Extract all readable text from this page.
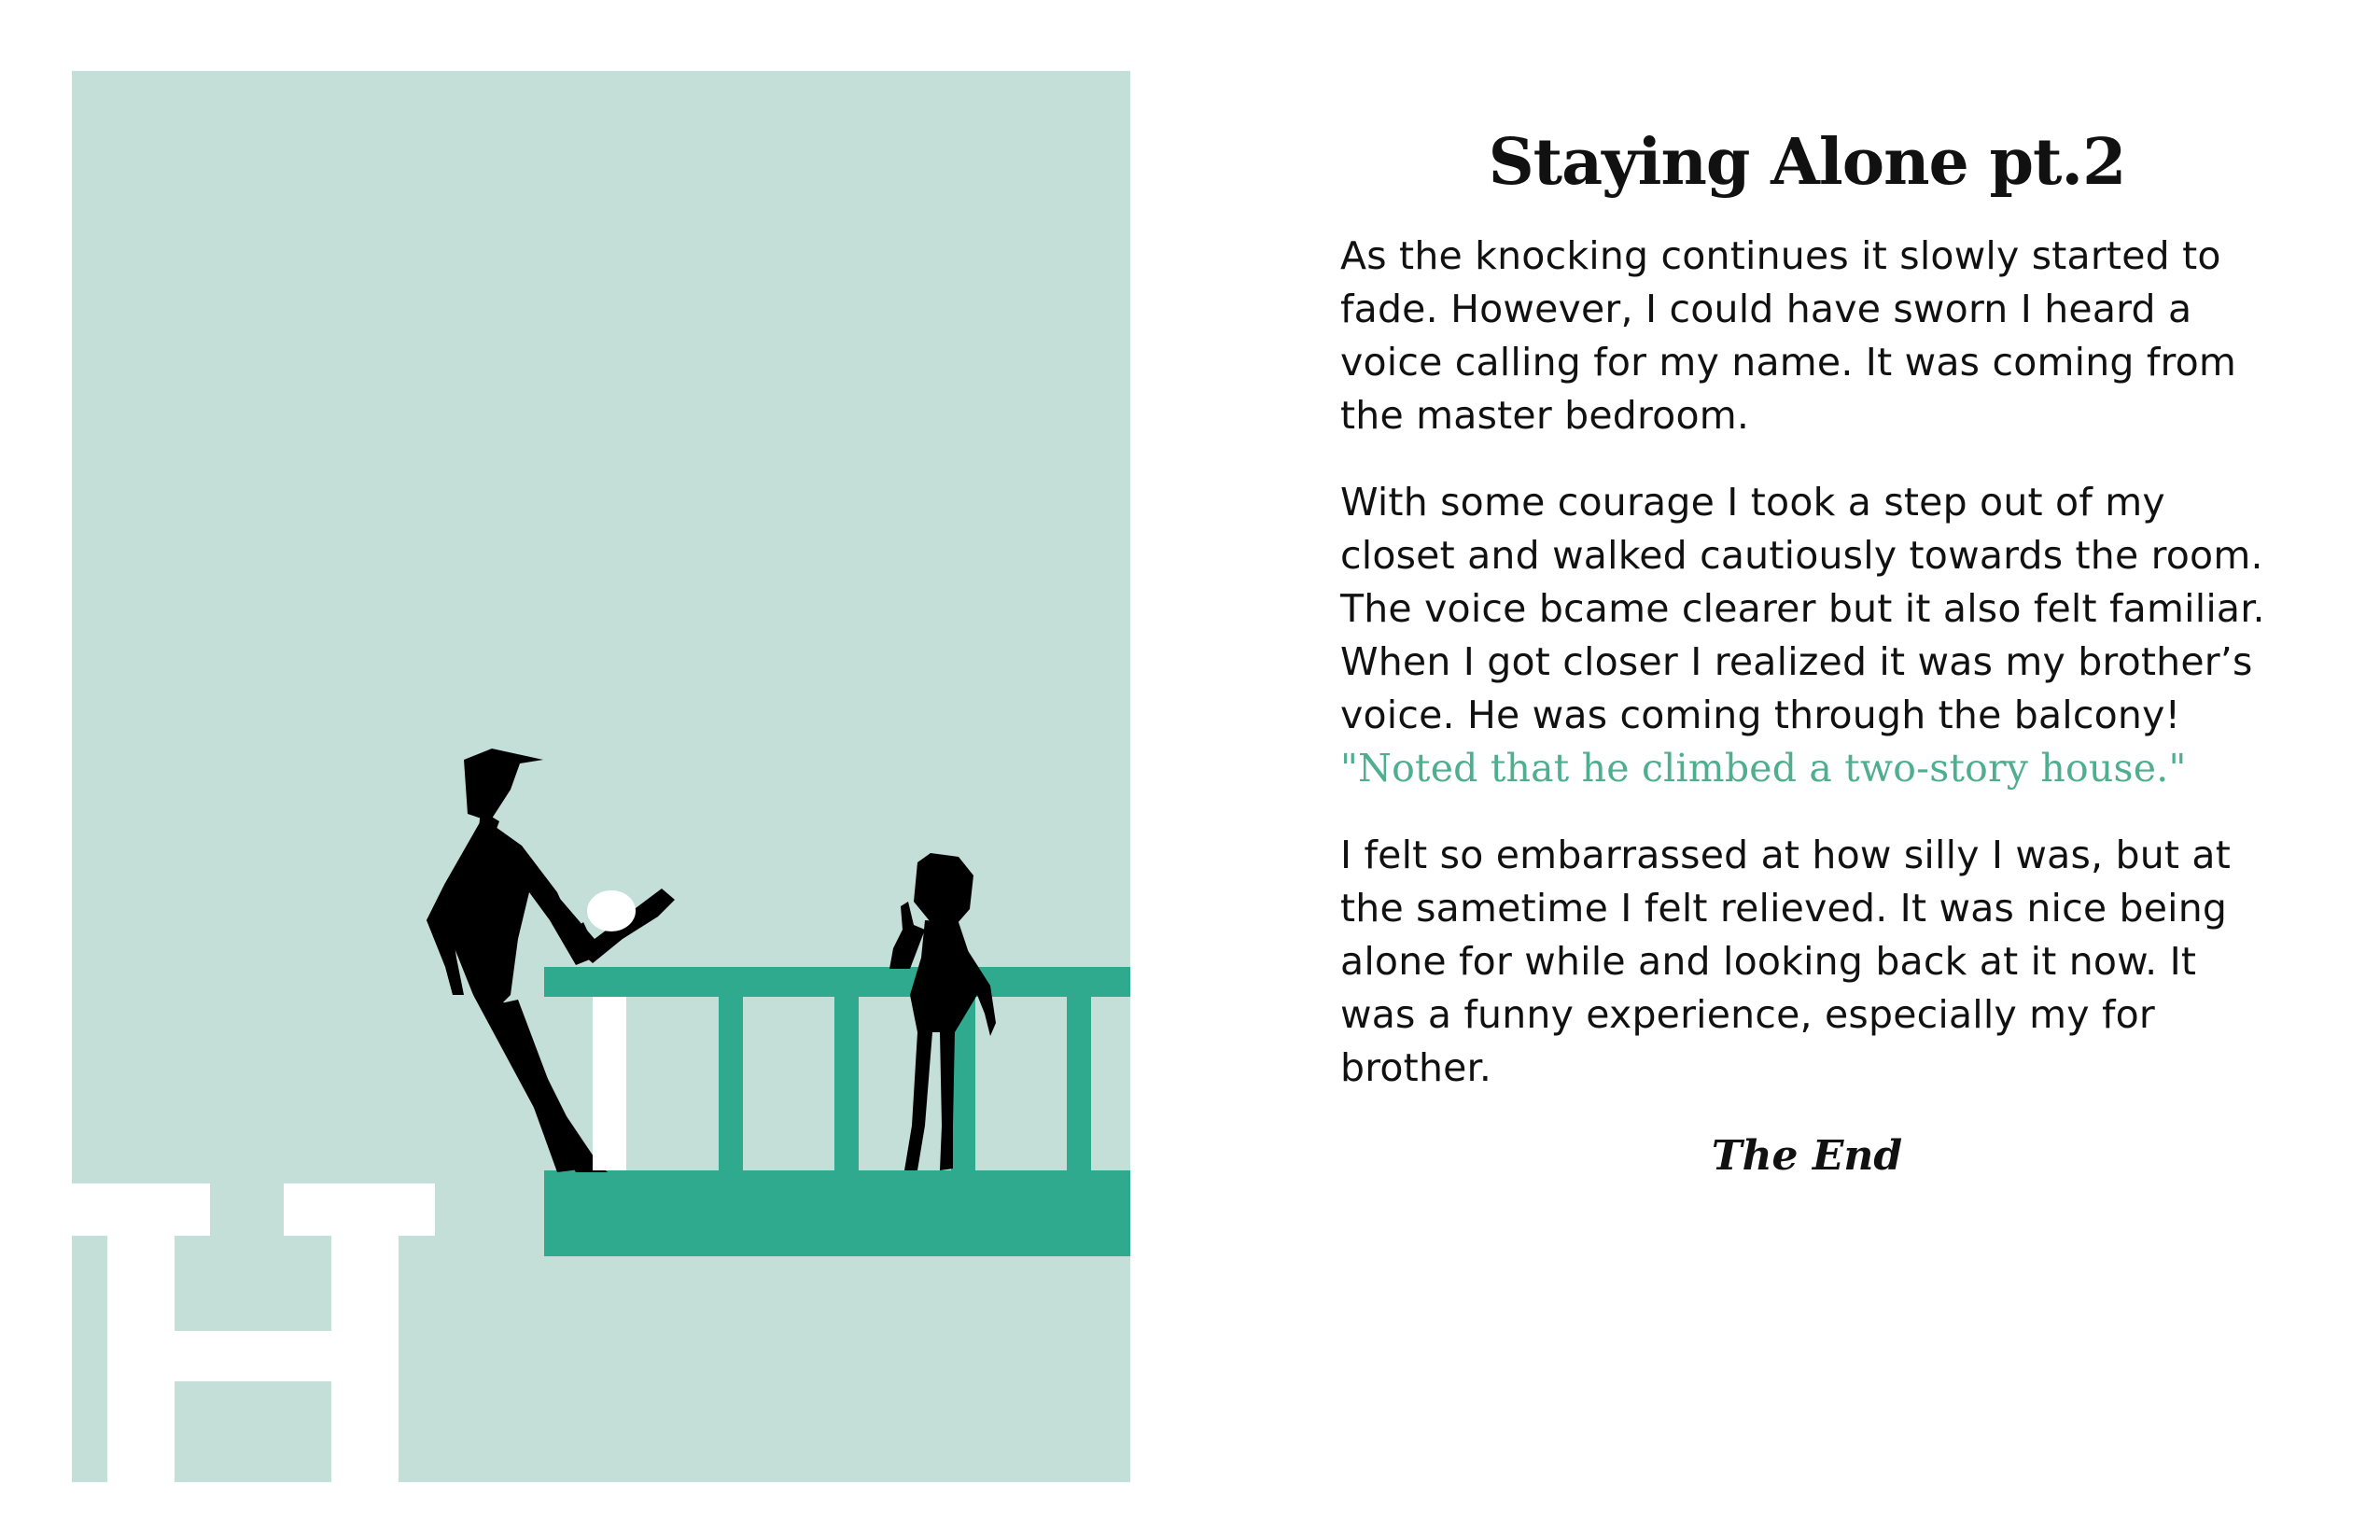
Staying Alone pt.2

As the knocking continues it slowly started to fade. However, I could have sworn I heard a voice calling for my name. It was coming from the master bedroom.

With some courage I took a step out of my closet and walked cautiously towards the room. The voice bcame clearer but it also felt familiar. When I got closer I realized it was my brother’s voice. He was coming through the balcony! "Noted that he climbed a two-story house."

I felt so embarrassed at how silly I was, but at the sametime I felt relieved. It was nice being alone for while and looking back at it now. It was a funny experience, especially my for brother.

The End
